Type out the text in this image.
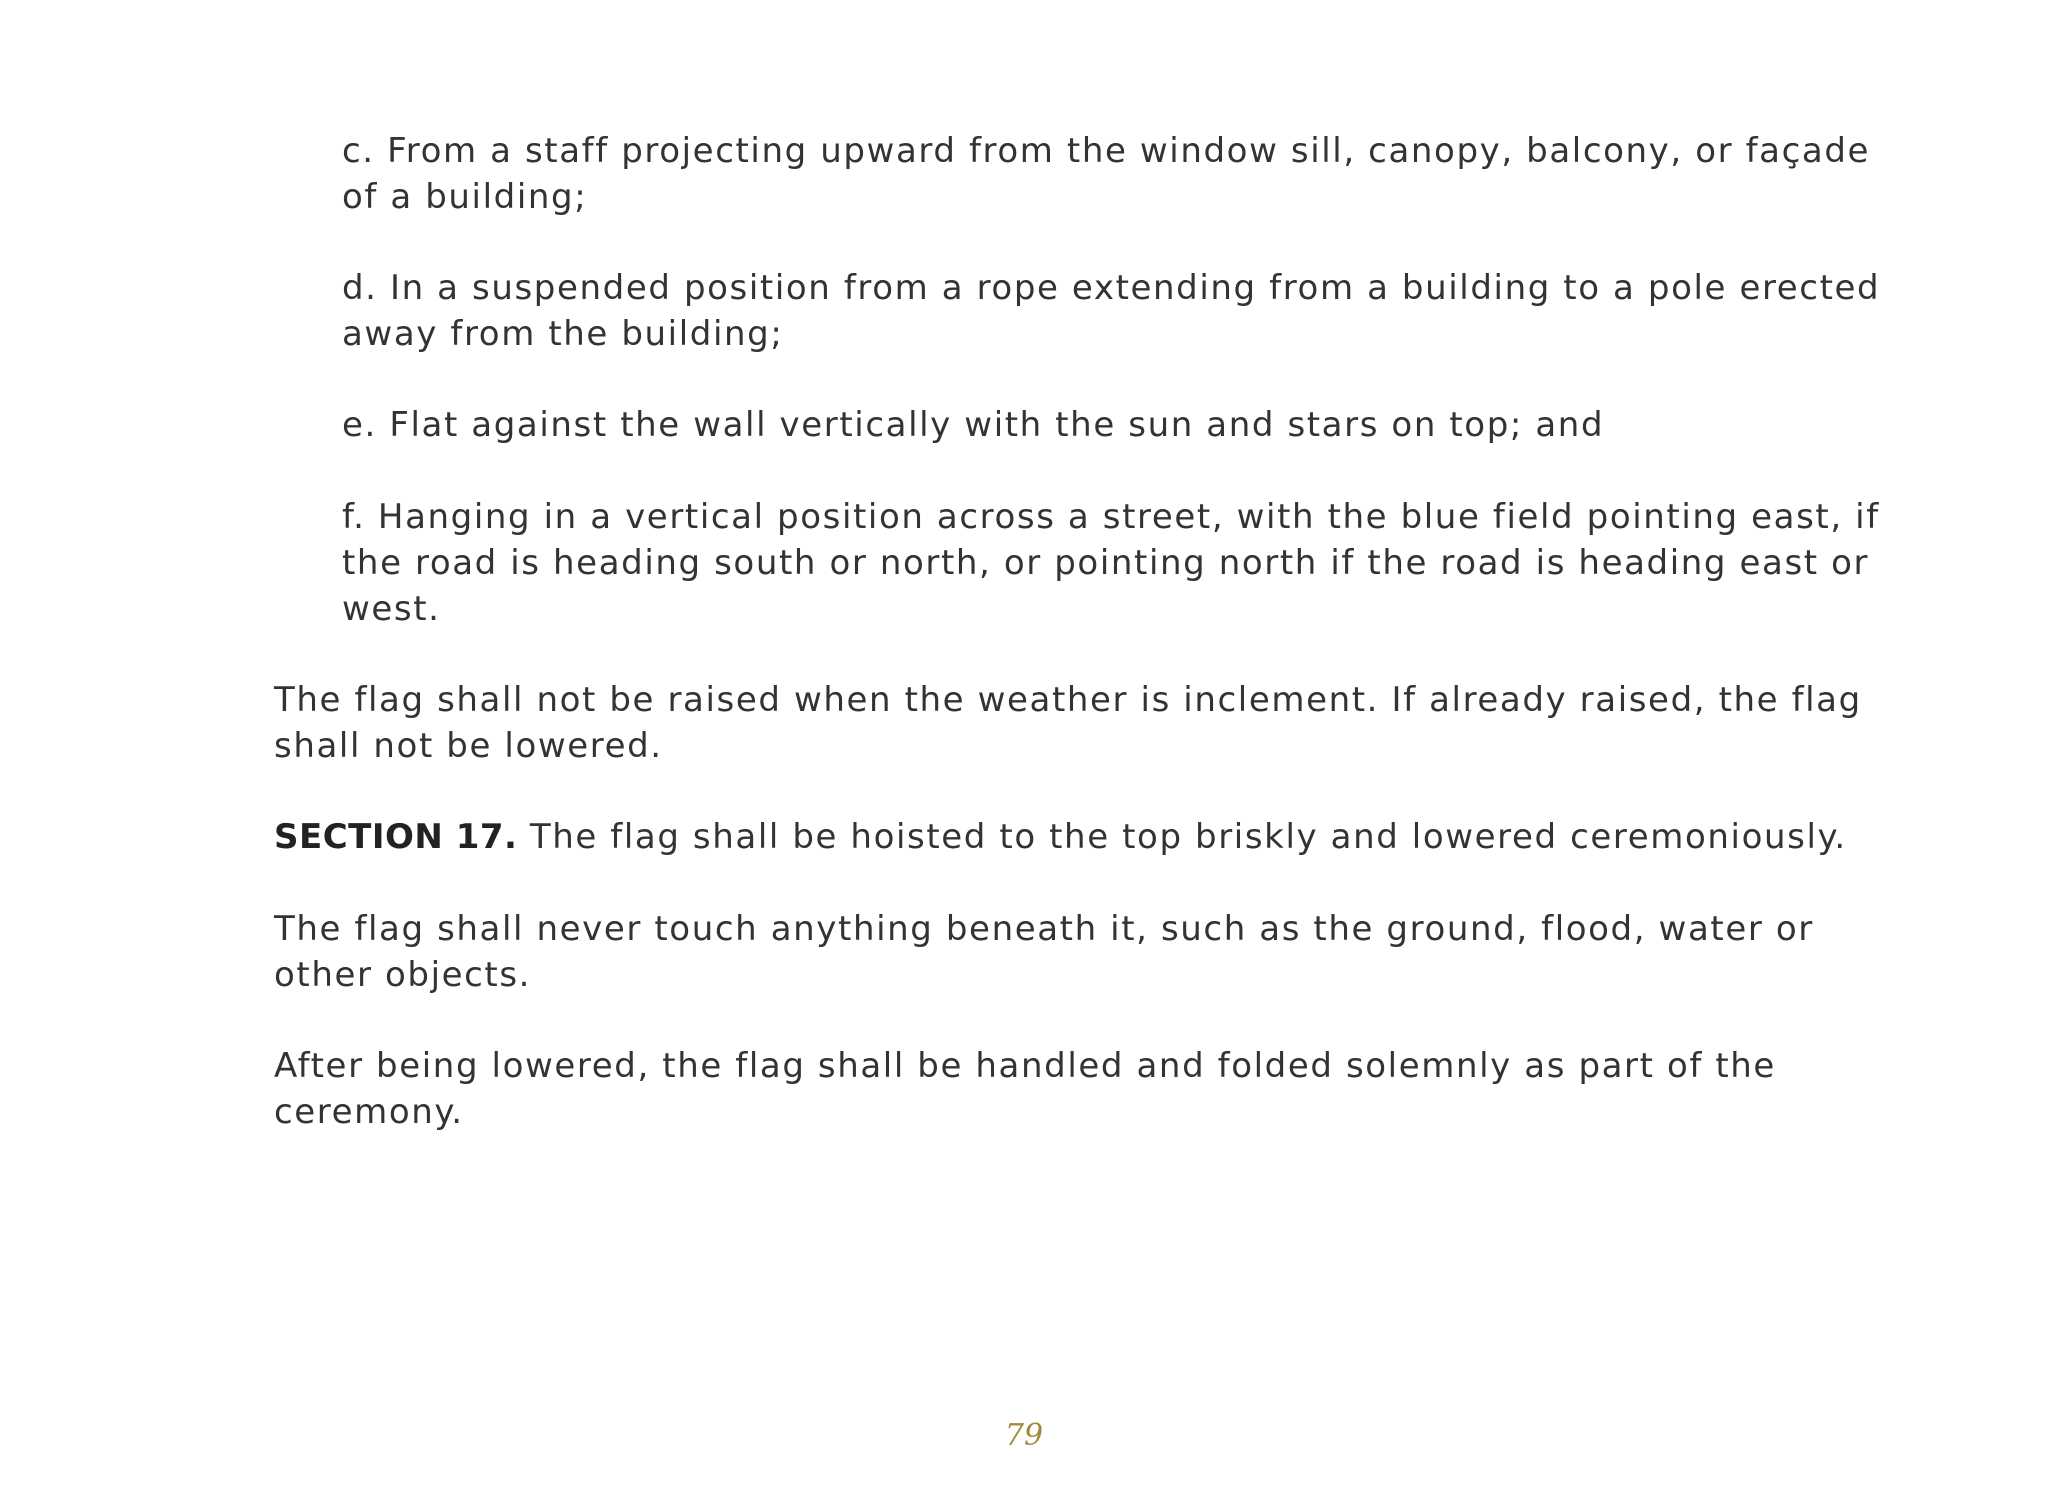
c. From a staff projecting upward from the window sill, canopy, balcony, or façade
of a building;
d. In a suspended position from a rope extending from a building to a pole erected
away from the building;
e. Flat against the wall vertically with the sun and stars on top; and
f. Hanging in a vertical position across a street, with the blue field pointing east, if
the road is heading south or north, or pointing north if the road is heading east or
west.
The flag shall not be raised when the weather is inclement. If already raised, the flag
shall not be lowered.
SECTION 17. The flag shall be hoisted to the top briskly and lowered ceremoniously.
The flag shall never touch anything beneath it, such as the ground, flood, water or
other objects.
After being lowered, the flag shall be handled and folded solemnly as part of the
ceremony.
79
